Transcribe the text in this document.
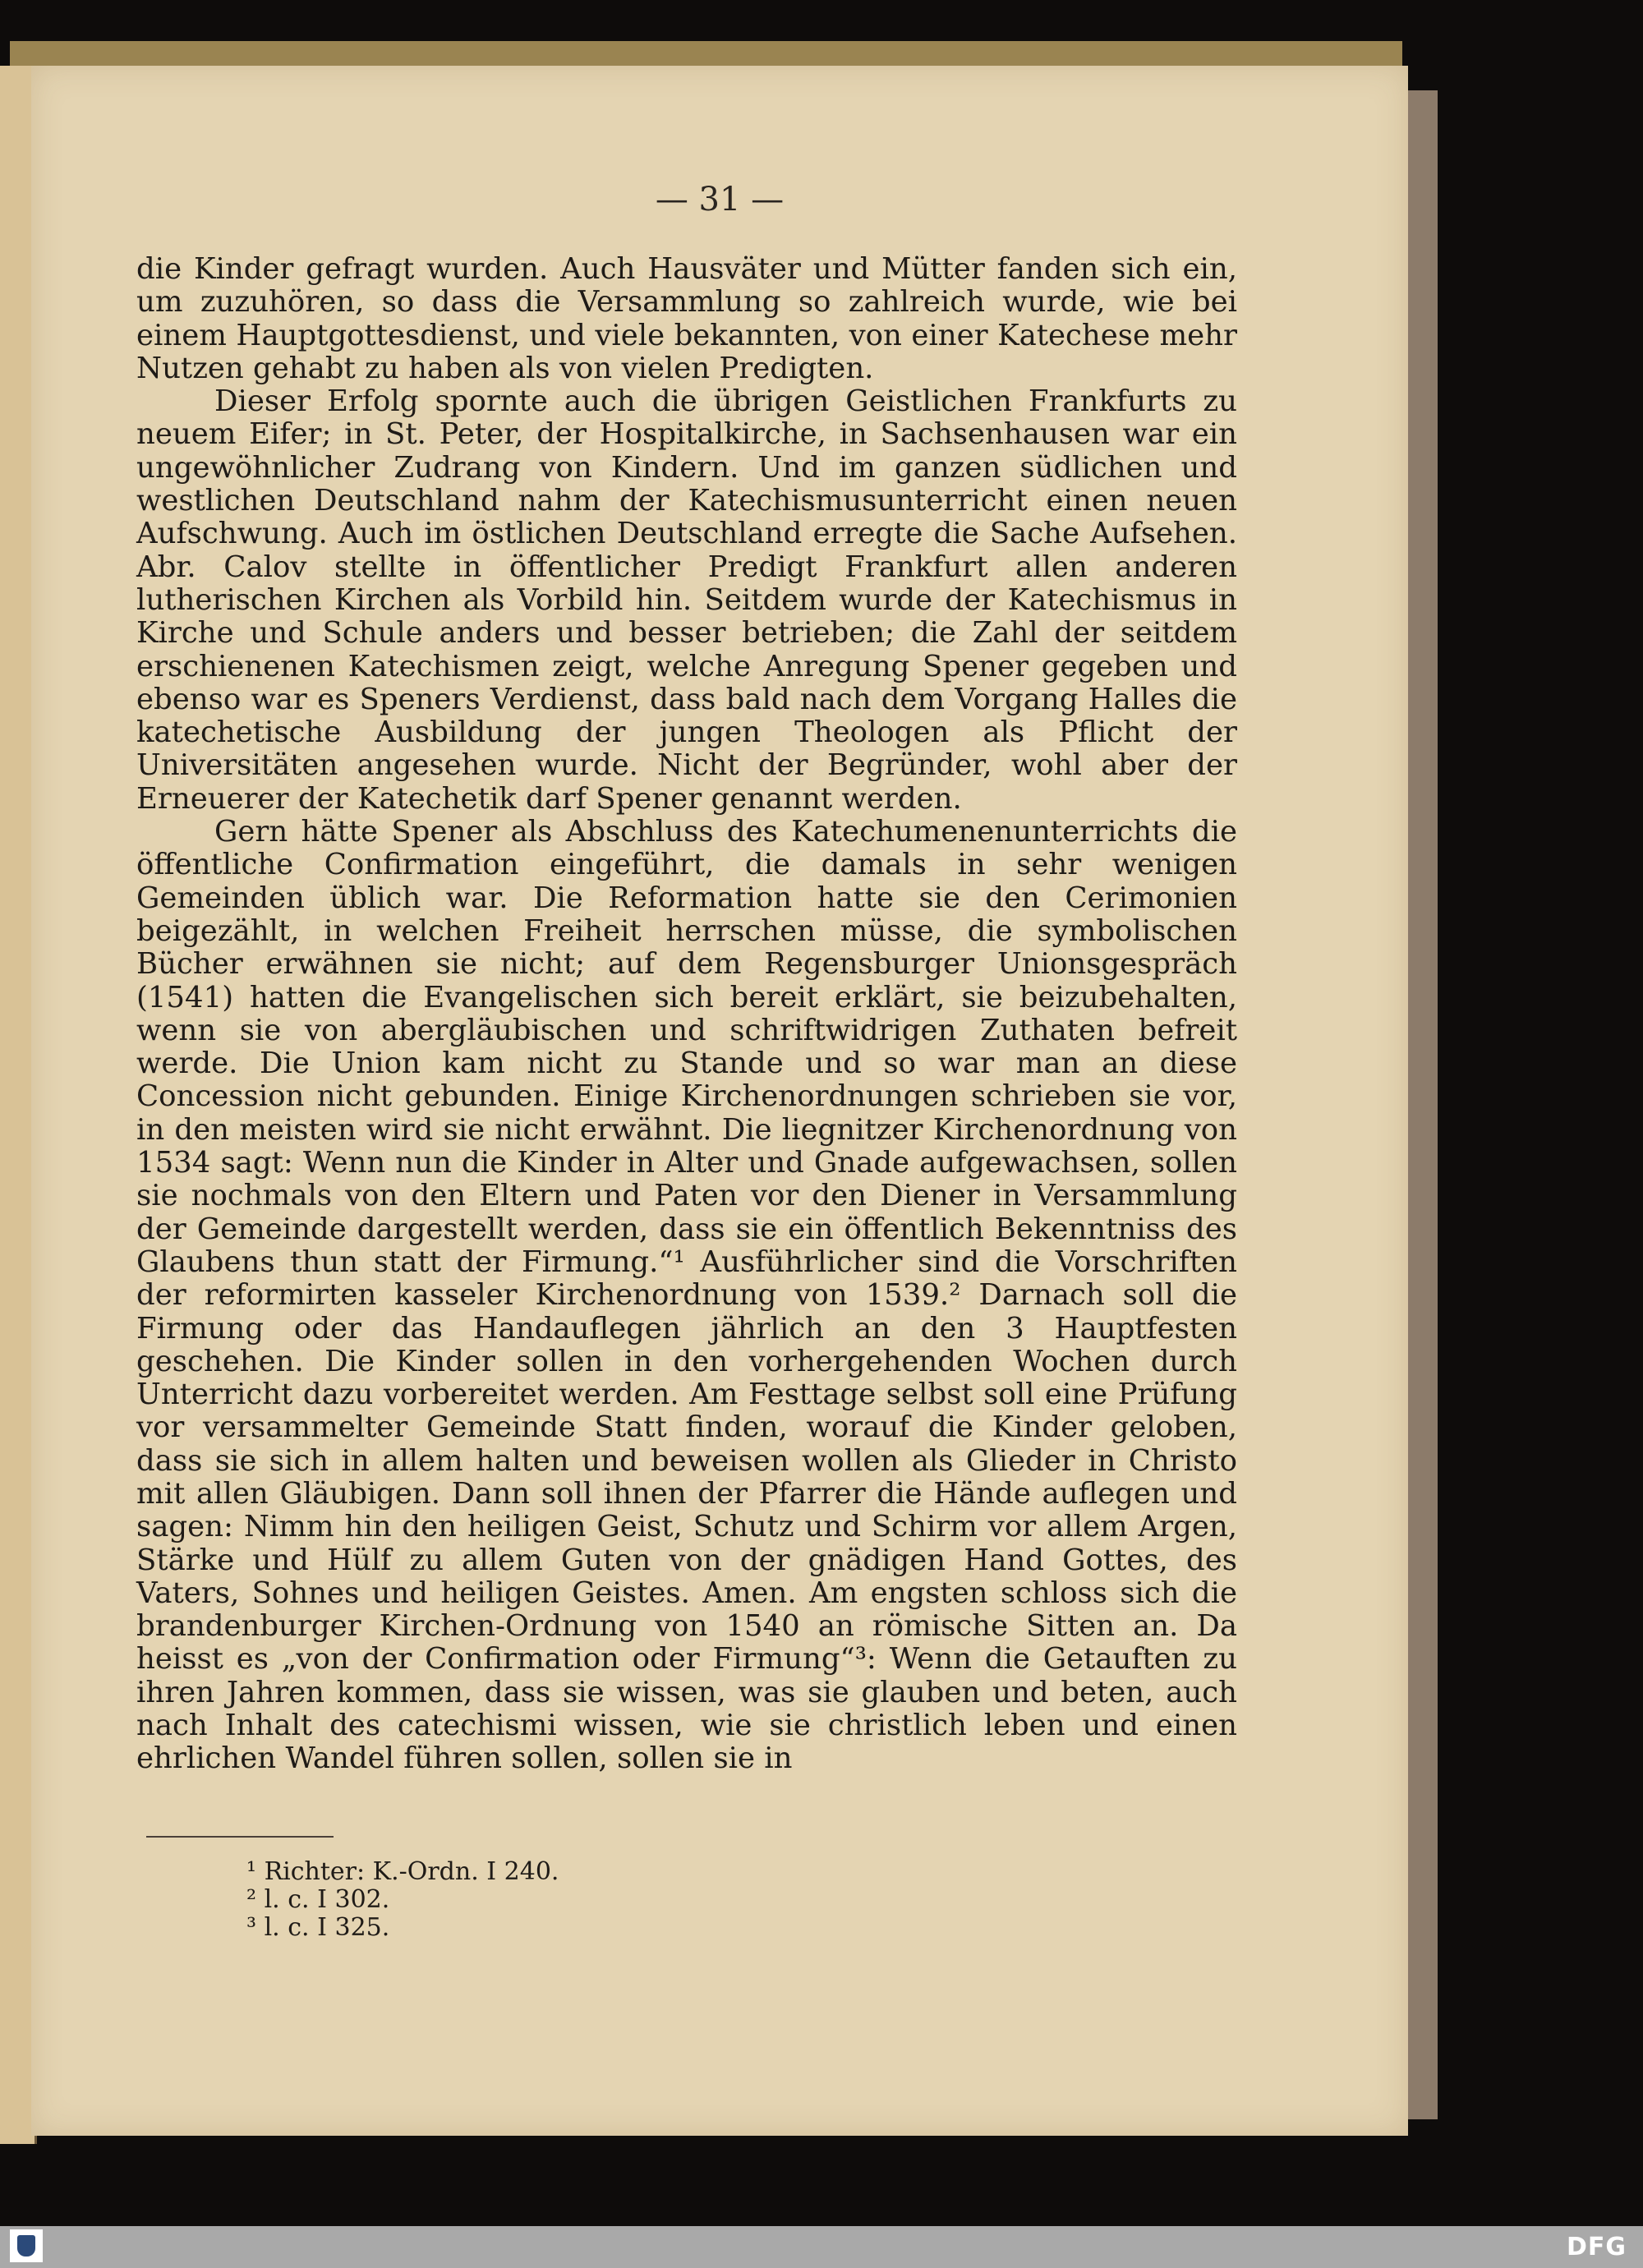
— 31 —

die Kinder gefragt wurden. Auch Hausväter und Mütter fanden sich ein, um zuzuhören, so dass die Versammlung so zahlreich wurde, wie bei einem Hauptgottesdienst, und viele bekannten, von einer Katechese mehr Nutzen gehabt zu haben als von vielen Predigten.

Dieser Erfolg spornte auch die übrigen Geistlichen Frankfurts zu neuem Eifer; in St. Peter, der Hospitalkirche, in Sachsenhausen war ein ungewöhnlicher Zudrang von Kindern. Und im ganzen südlichen und westlichen Deutschland nahm der Katechismusunterricht einen neuen Aufschwung. Auch im östlichen Deutschland erregte die Sache Aufsehen. Abr. Calov stellte in öffentlicher Predigt Frankfurt allen anderen lutherischen Kirchen als Vorbild hin. Seitdem wurde der Katechismus in Kirche und Schule anders und besser betrieben; die Zahl der seitdem erschienenen Katechismen zeigt, welche Anregung Spener gegeben und ebenso war es Speners Verdienst, dass bald nach dem Vorgang Halles die katechetische Ausbildung der jungen Theologen als Pflicht der Universitäten angesehen wurde. Nicht der Begründer, wohl aber der Erneuerer der Katechetik darf Spener genannt werden.

Gern hätte Spener als Abschluss des Katechumenenunterrichts die öffentliche Confirmation eingeführt, die damals in sehr wenigen Gemeinden üblich war. Die Reformation hatte sie den Cerimonien beigezählt, in welchen Freiheit herrschen müsse, die symbolischen Bücher erwähnen sie nicht; auf dem Regensburger Unionsgespräch (1541) hatten die Evangelischen sich bereit erklärt, sie beizubehalten, wenn sie von abergläubischen und schriftwidrigen Zuthaten befreit werde. Die Union kam nicht zu Stande und so war man an diese Concession nicht gebunden. Einige Kirchenordnungen schrieben sie vor, in den meisten wird sie nicht erwähnt. Die liegnitzer Kirchenordnung von 1534 sagt: Wenn nun die Kinder in Alter und Gnade aufgewachsen, sollen sie nochmals von den Eltern und Paten vor den Diener in Versammlung der Gemeinde dargestellt werden, dass sie ein öffentlich Bekenntniss des Glaubens thun statt der Firmung.“¹ Ausführlicher sind die Vorschriften der reformirten kasseler Kirchenordnung von 1539.² Darnach soll die Firmung oder das Handauflegen jährlich an den 3 Hauptfesten geschehen. Die Kinder sollen in den vorhergehenden Wochen durch Unterricht dazu vorbereitet werden. Am Festtage selbst soll eine Prüfung vor versammelter Gemeinde Statt finden, worauf die Kinder geloben, dass sie sich in allem halten und beweisen wollen als Glieder in Christo mit allen Gläubigen. Dann soll ihnen der Pfarrer die Hände auflegen und sagen: Nimm hin den heiligen Geist, Schutz und Schirm vor allem Argen, Stärke und Hülf zu allem Guten von der gnädigen Hand Gottes, des Vaters, Sohnes und heiligen Geistes. Amen. Am engsten schloss sich die brandenburger Kirchen-Ordnung von 1540 an römische Sitten an. Da heisst es „von der Confirmation oder Firmung“³: Wenn die Getauften zu ihren Jahren kommen, dass sie wissen, was sie glauben und beten, auch nach Inhalt des catechismi wissen, wie sie christlich leben und einen ehrlichen Wandel führen sollen, sollen sie in

¹ Richter: K.-Ordn. I 240.
² l. c. I 302.
³ l. c. I 325.
DFG
